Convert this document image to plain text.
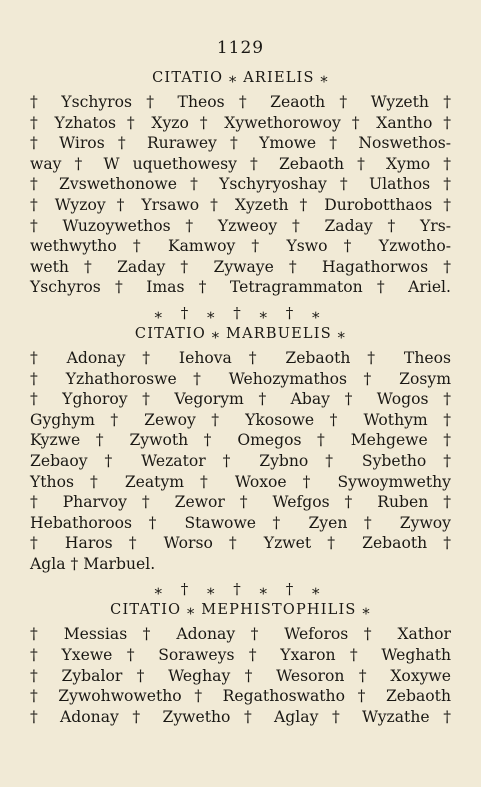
1129
CITATIO ⁎ ARIELIS ⁎
† Yschyros † Theos † Zeaoth † Wyzeth †
† Yzhatos † Xyzo † Xywethorowoy † Xantho †
† Wiros † Rurawey † Ymowe † Noswethos-
way † W uquethowesy † Zebaoth † Xymo †
† Zvswethonowe † Yschyryoshay † Ulathos †
† Wyzoy † Yrsawo † Xyzeth † Durobotthaos †
† Wuzoywethos † Yzweoy † Zaday † Yrs-
wethwytho † Kamwoy † Yswo † Yzwotho-
weth † Zaday † Zywaye † Hagathorwos †
Yschyros † Imas † Tetragrammaton † Ariel.
⁎ † ⁎ † ⁎ † ⁎
CITATIO ⁎ MARBUELIS ⁎
† Adonay † Iehova † Zebaoth † Theos
† Yzhathoroswe † Wehozymathos † Zosym
† Yghoroy † Vegorym † Abay † Wogos †
Gyghym † Zewoy † Ykosowe † Wothym †
Kyzwe † Zywoth † Omegos † Mehgewe †
Zebaoy † Wezator † Zybno † Sybetho †
Ythos † Zeatym † Woxoe † Sywoymwethy
† Pharvoy † Zewor † Wefgos † Ruben †
Hebathoroos † Stawowe † Zyen † Zywoy
† Haros † Worso † Yzwet † Zebaoth †
Agla † Marbuel.
⁎ † ⁎ † ⁎ † ⁎
CITATIO ⁎ MEPHISTOPHILIS ⁎
† Messias † Adonay † Weforos † Xathor
† Yxewe † Soraweys † Yxaron † Weghath
† Zybalor † Weghay † Wesoron † Xoxywe
† Zywohwowetho † Regathoswatho † Zebaoth
† Adonay † Zywetho † Aglay † Wyzathe †
